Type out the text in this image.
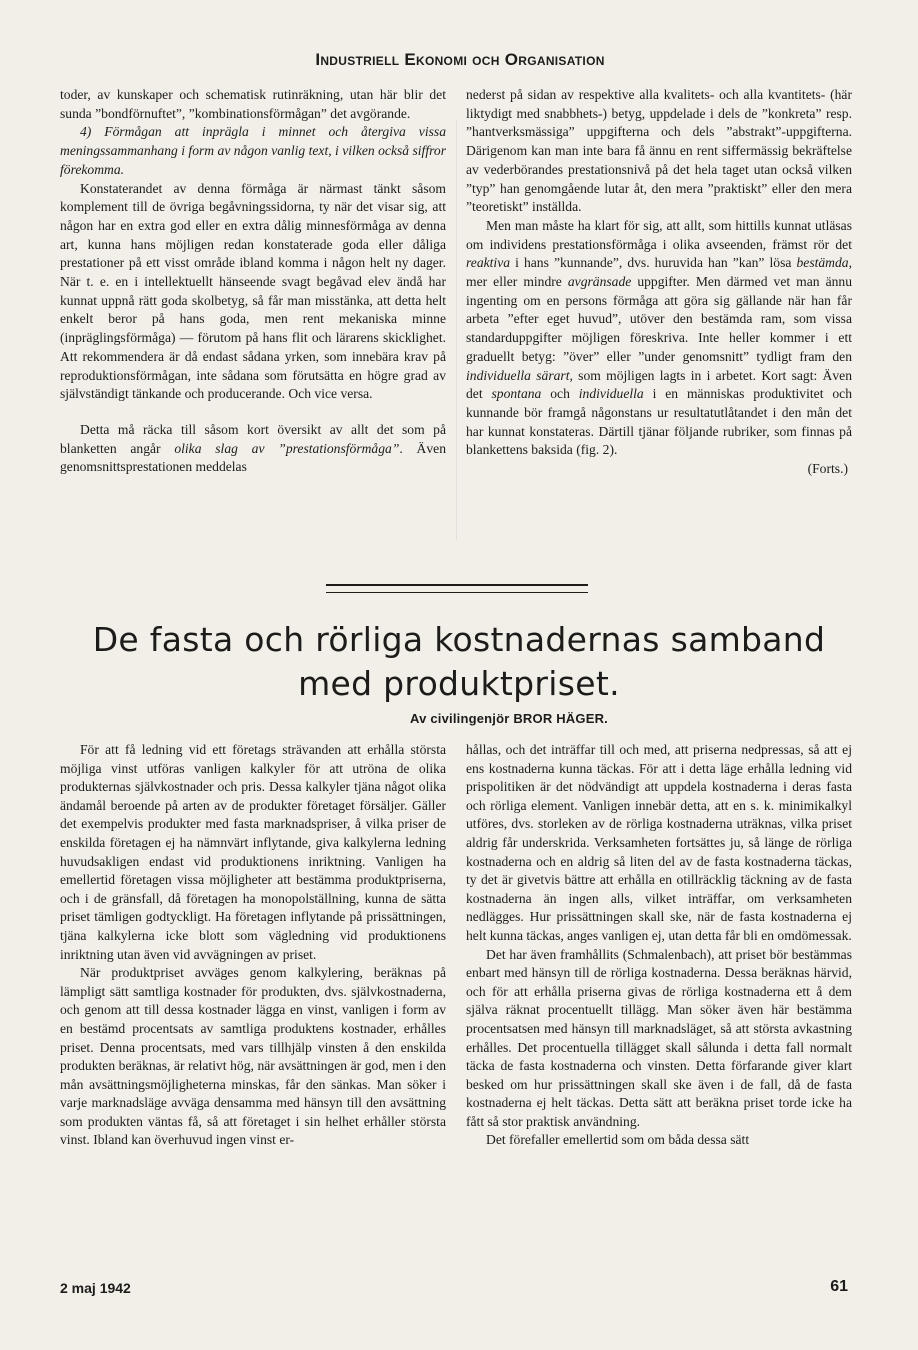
Industriell Ekonomi och Organisation

toder, av kunskaper och schematisk rutinräkning, utan här blir det sunda ”bondförnuftet”, ”kombinationsförmågan” det avgörande.

4) Förmågan att inprägla i minnet och återgiva vissa meningssammanhang i form av någon vanlig text, i vilken också siffror förekomma.

Konstaterandet av denna förmåga är närmast tänkt såsom komplement till de övriga begåvningssidorna, ty när det visar sig, att någon har en extra god eller en extra dålig minnesförmåga av denna art, kunna hans möjligen redan konstaterade goda eller dåliga prestationer på ett visst område ibland komma i någon helt ny dager. När t. e. en i intellektuellt hänseende svagt begåvad elev ändå har kunnat uppnå rätt goda skolbetyg, så får man misstänka, att detta helt enkelt beror på hans goda, men rent mekaniska minne (inpräglingsförmåga) — förutom på hans flit och lärarens skicklighet. Att rekommendera är då endast sådana yrken, som innebära krav på reproduktionsförmågan, inte sådana som förutsätta en högre grad av självständigt tänkande och producerande. Och vice versa.

Detta må räcka till såsom kort översikt av allt det som på blanketten angår olika slag av ”prestationsförmåga”. Även genomsnittsprestationen meddelas

nederst på sidan av respektive alla kvalitets- och alla kvantitets- (här liktydigt med snabbhets-) betyg, uppdelade i dels de ”konkreta” resp. ”hantverksmässiga” uppgifterna och dels ”abstrakt”-uppgifterna. Därigenom kan man inte bara få ännu en rent siffermässig bekräftelse av vederbörandes prestationsnivå på det hela taget utan också vilken ”typ” han genomgående lutar åt, den mera ”praktiskt” eller den mera ”teoretiskt” inställda.

Men man måste ha klart för sig, att allt, som hittills kunnat utläsas om individens prestationsförmåga i olika avseenden, främst rör det reaktiva i hans ”kunnande”, dvs. huruvida han ”kan” lösa bestämda, mer eller mindre avgränsade uppgifter. Men därmed vet man ännu ingenting om en persons förmåga att göra sig gällande när han får arbeta ”efter eget huvud”, utöver den bestämda ram, som vissa standarduppgifter möjligen föreskriva. Inte heller kommer i ett graduellt betyg: ”över” eller ”under genomsnitt” tydligt fram den individuella särart, som möjligen lagts in i arbetet. Kort sagt: Även det spontana och individuella i en människas produktivitet och kunnande bör framgå någonstans ur resultatutlåtandet i den mån det har kunnat konstateras. Därtill tjänar följande rubriker, som finnas på blankettens baksida (fig. 2).

(Forts.)

De fasta och rörliga kostnadernas samband
med produktpriset.
Av civilingenjör BROR HÄGER.

För att få ledning vid ett företags strävanden att erhålla största möjliga vinst utföras vanligen kalkyler för att utröna de olika produkternas självkostnader och pris. Dessa kalkyler tjäna något olika ändamål beroende på arten av de produkter företaget försäljer. Gäller det exempelvis produkter med fasta marknadspriser, å vilka priser de enskilda företagen ej ha nämnvärt inflytande, giva kalkylerna ledning huvudsakligen endast vid produktionens inriktning. Vanligen ha emellertid företagen vissa möjligheter att bestämma produktpriserna, och i de gränsfall, då företagen ha monopolställning, kunna de sätta priset tämligen godtyckligt. Ha företagen inflytande på prissättningen, tjäna kalkylerna icke blott som vägledning vid produktionens inriktning utan även vid avvägningen av priset.

När produktpriset avväges genom kalkylering, beräknas på lämpligt sätt samtliga kostnader för produkten, dvs. självkostnaderna, och genom att till dessa kostnader lägga en vinst, vanligen i form av en bestämd procentsats av samtliga produktens kostnader, erhålles priset. Denna procentsats, med vars tillhjälp vinsten å den enskilda produkten beräknas, är relativt hög, när avsättningen är god, men i den mån avsättningsmöjligheterna minskas, får den sänkas. Man söker i varje marknadsläge avväga densamma med hänsyn till den avsättning som produkten väntas få, så att företaget i sin helhet erhåller största vinst. Ibland kan överhuvud ingen vinst er-

hållas, och det inträffar till och med, att priserna nedpressas, så att ej ens kostnaderna kunna täckas. För att i detta läge erhålla ledning vid prispolitiken är det nödvändigt att uppdela kostnaderna i deras fasta och rörliga element. Vanligen innebär detta, att en s. k. minimikalkyl utföres, dvs. storleken av de rörliga kostnaderna uträknas, vilka priset aldrig får underskrida. Verksamheten fortsättes ju, så länge de rörliga kostnaderna och en aldrig så liten del av de fasta kostnaderna täckas, ty det är givetvis bättre att erhålla en otillräcklig täckning av de fasta kostnaderna än ingen alls, vilket inträffar, om verksamheten nedlägges. Hur prissättningen skall ske, när de fasta kostnaderna ej helt kunna täckas, anges vanligen ej, utan detta får bli en omdömessak.

Det har även framhållits (Schmalenbach), att priset bör bestämmas enbart med hänsyn till de rörliga kostnaderna. Dessa beräknas härvid, och för att erhålla priserna givas de rörliga kostnaderna ett å dem själva räknat procentuellt tillägg. Man söker även här bestämma procentsatsen med hänsyn till marknadsläget, så att största avkastning erhålles. Det procentuella tillägget skall sålunda i detta fall normalt täcka de fasta kostnaderna och vinsten. Detta förfarande giver klart besked om hur prissättningen skall ske även i de fall, då de fasta kostnaderna ej helt täckas. Detta sätt att beräkna priset torde icke ha fått så stor praktisk användning.

Det förefaller emellertid som om båda dessa sätt

2 maj 1942	61
